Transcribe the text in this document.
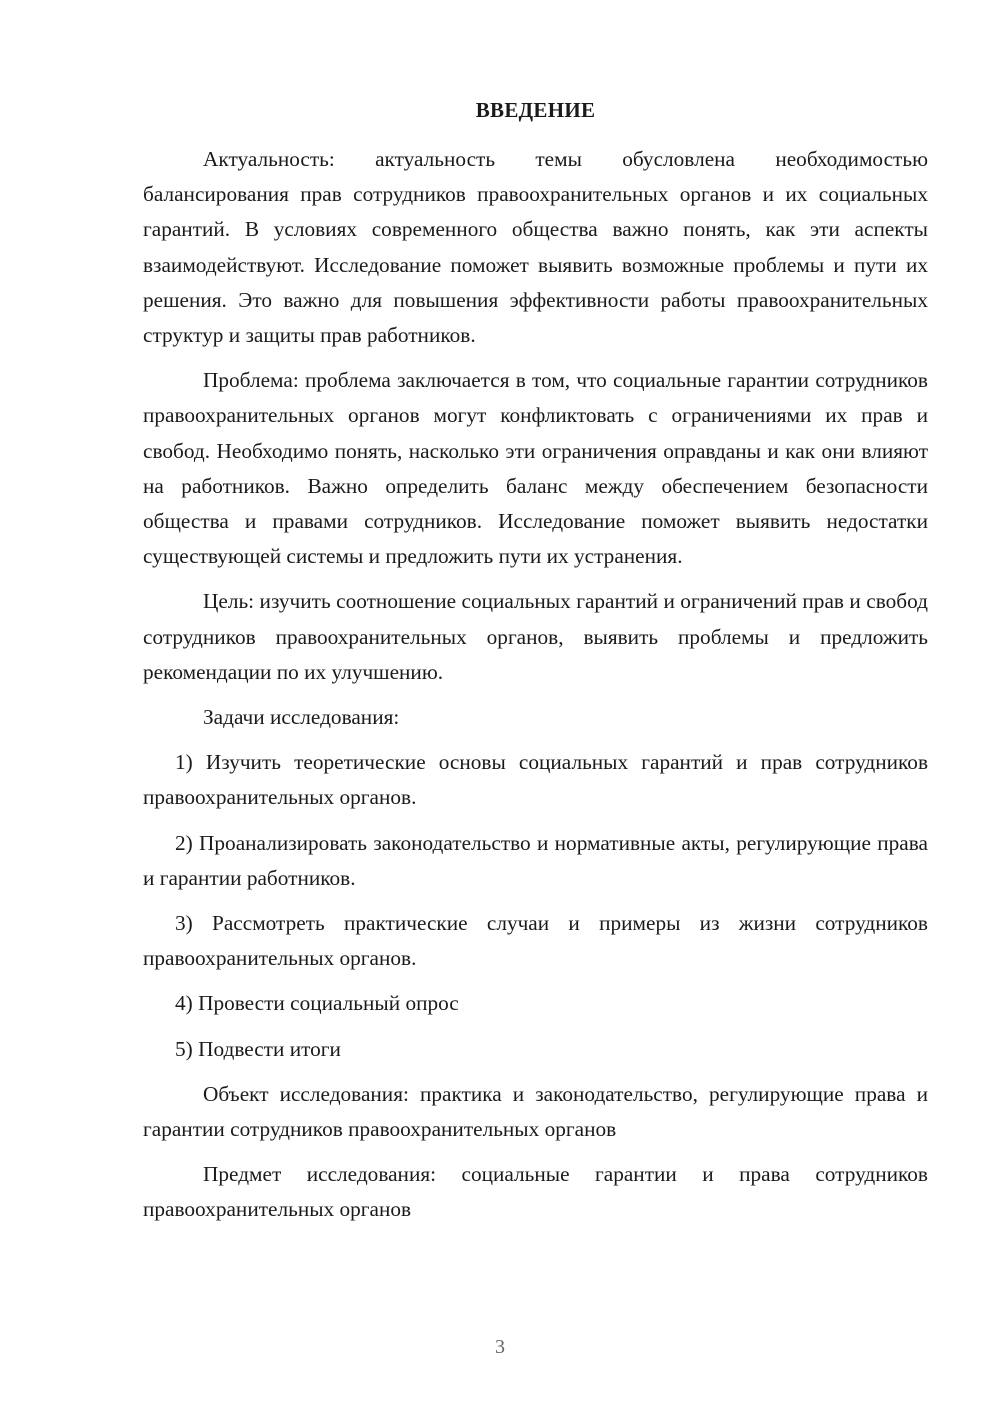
ВВЕДЕНИЕ

Актуальность: актуальность темы обусловлена необходимостью балансирования прав сотрудников правоохранительных органов и их социальных гарантий. В условиях современного общества важно понять, как эти аспекты взаимодействуют. Исследование поможет выявить возможные проблемы и пути их решения. Это важно для повышения эффективности работы правоохранительных структур и защиты прав работников.

Проблема: проблема заключается в том, что социальные гарантии сотрудников правоохранительных органов могут конфликтовать с ограничениями их прав и свобод. Необходимо понять, насколько эти ограничения оправданы и как они влияют на работников. Важно определить баланс между обеспечением безопасности общества и правами сотрудников. Исследование поможет выявить недостатки существующей системы и предложить пути их устранения.

Цель: изучить соотношение социальных гарантий и ограничений прав и свобод сотрудников правоохранительных органов, выявить проблемы и предложить рекомендации по их улучшению.

Задачи исследования:

1) Изучить теоретические основы социальных гарантий и прав сотрудников правоохранительных органов.

2) Проанализировать законодательство и нормативные акты, регулирующие права и гарантии работников.

3) Рассмотреть практические случаи и примеры из жизни сотрудников правоохранительных органов.

4) Провести социальный опрос

5) Подвести итоги

Объект исследования: практика и законодательство, регулирующие права и гарантии сотрудников правоохранительных органов

Предмет исследования: социальные гарантии и права сотрудников правоохранительных органов

3
